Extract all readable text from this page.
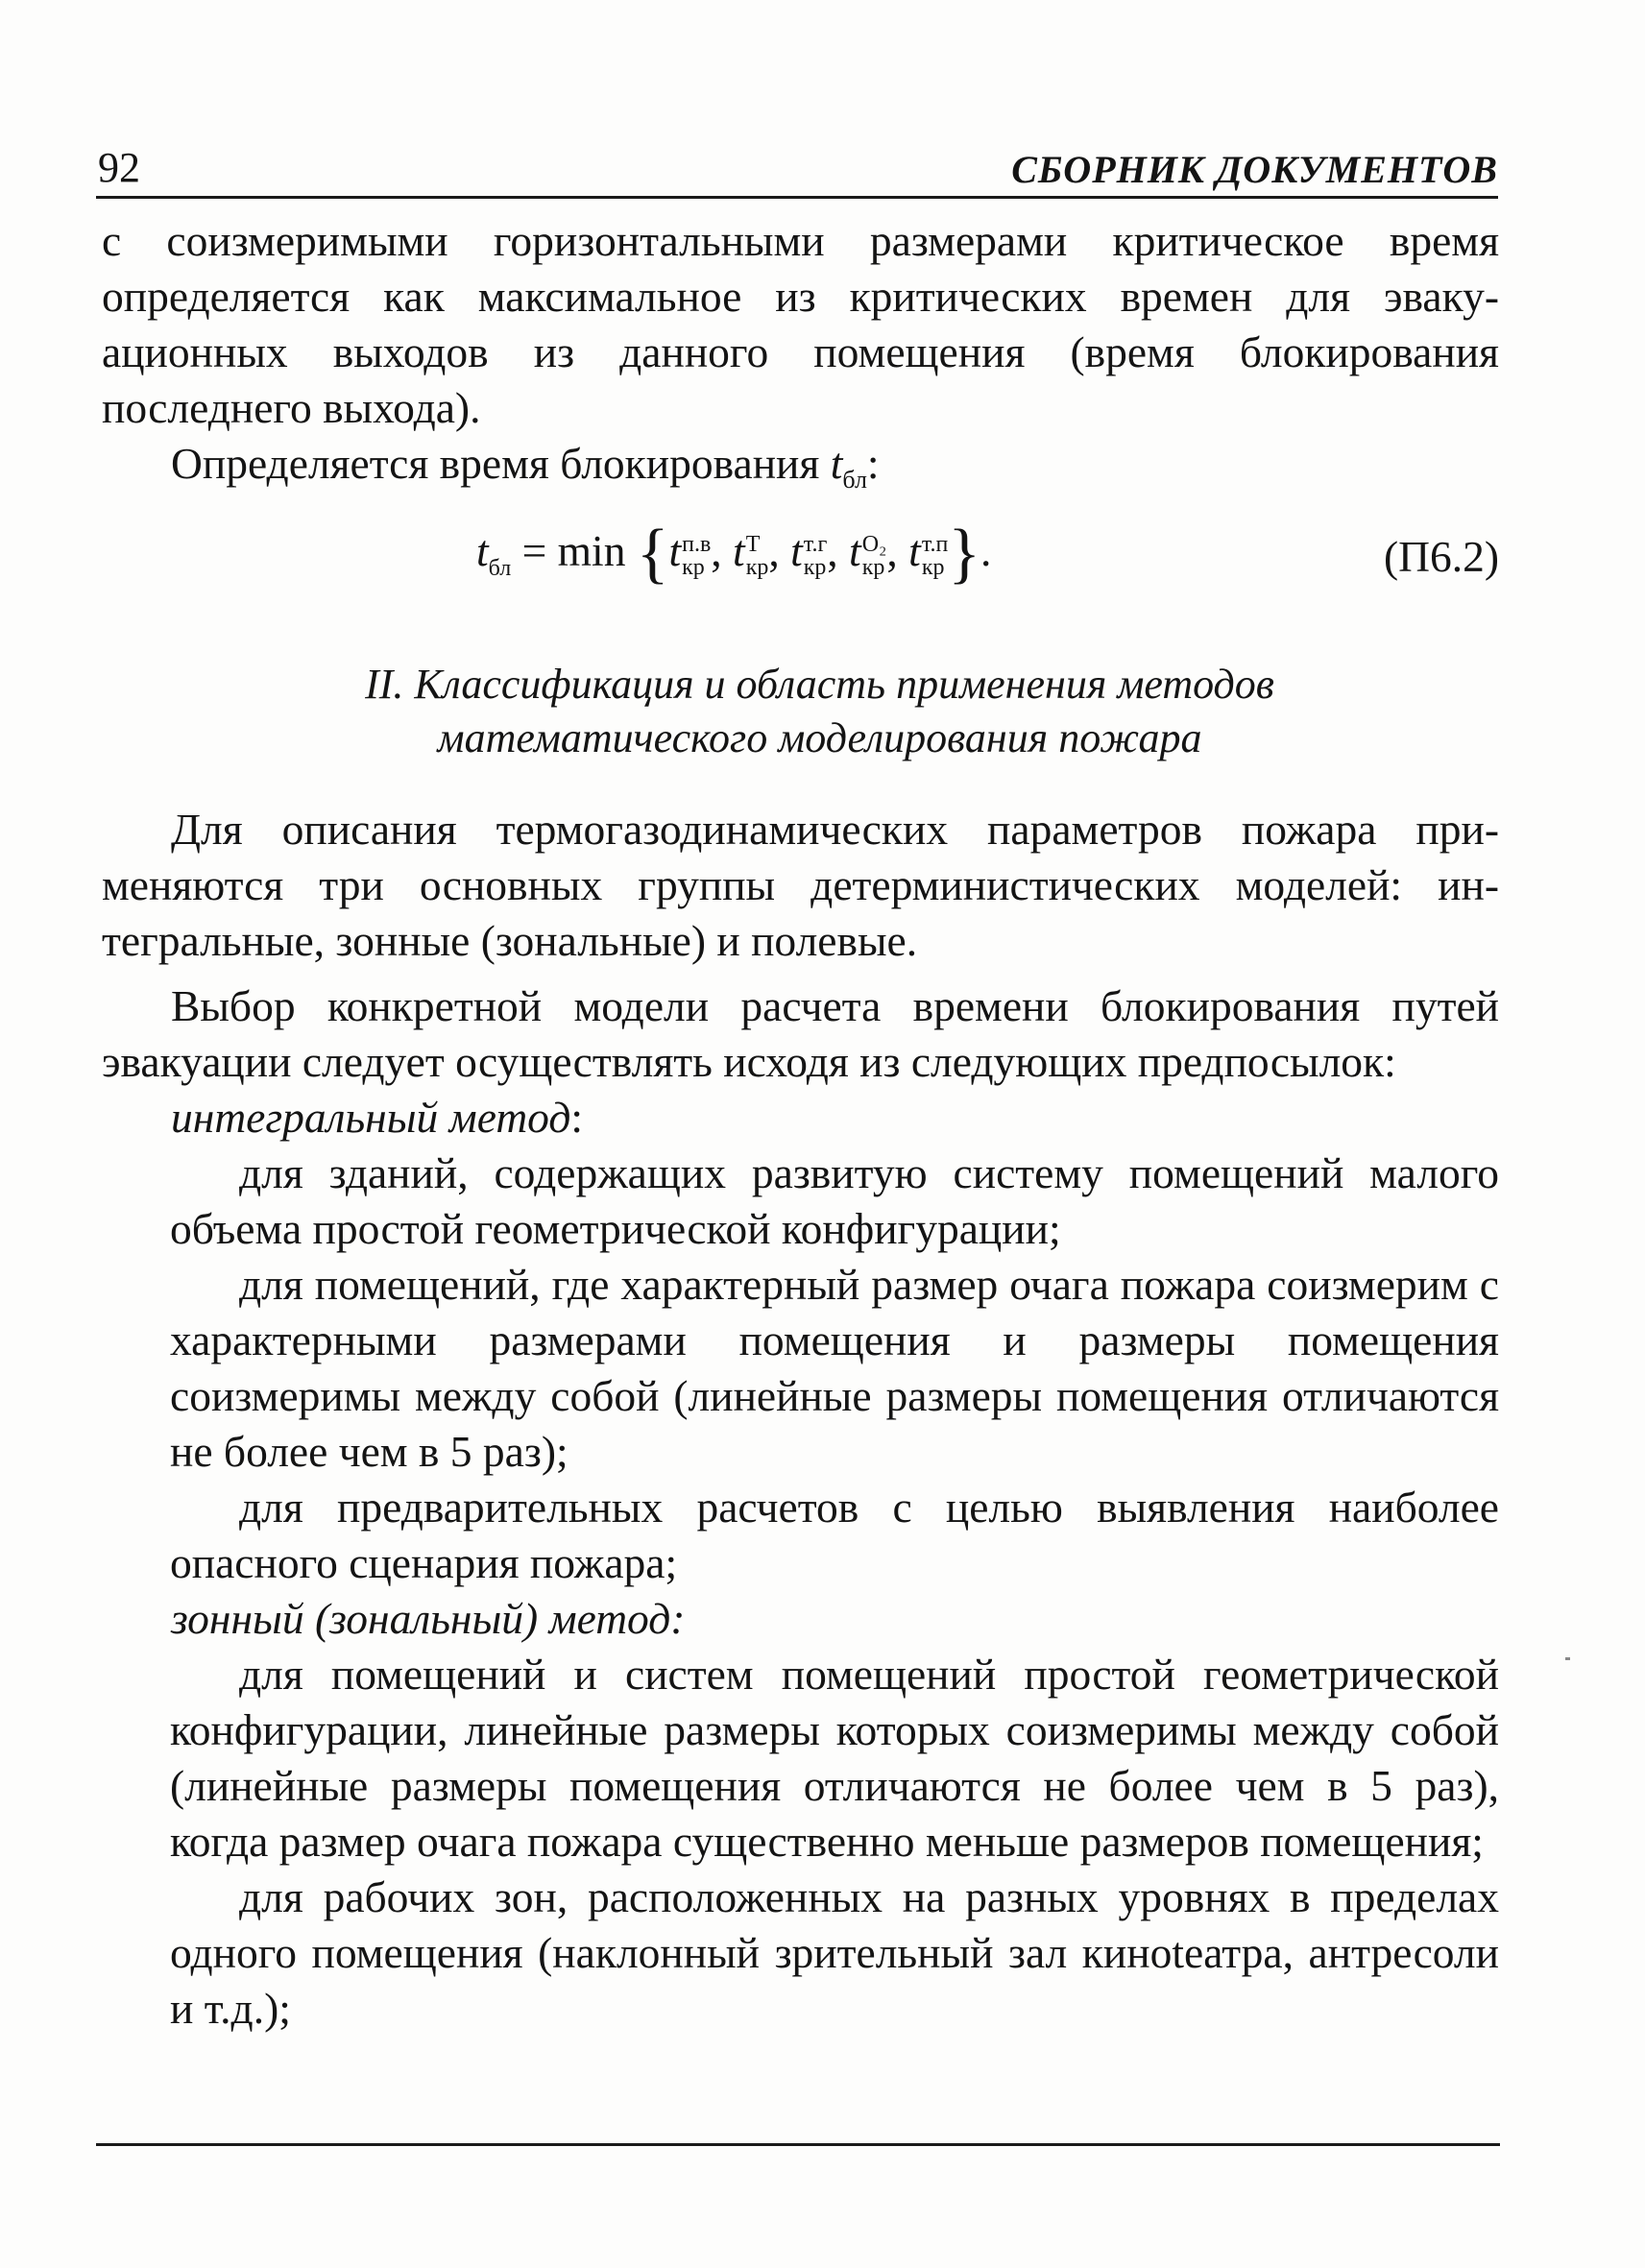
92	СБОРНИК ДОКУМЕНТОВ

с соизмеримыми горизонтальными размерами критическое время определяется как максимальное из критических времен для эвакуационных выходов из данного помещения (время блокирования последнего выхода).

Определяется время блокирования $t_{бл}$:

$t_{бл} = \min \{t$ п.в
кр , t Т
кр , t т.г
кр , t O₂
кр , t т.п
кр }.	(П6.2)

II. Классификация и область применения методов
математического моделирования пожара

Для описания термогазодинамических параметров пожара применяются три основных группы детерминистических моделей: интегральные, зонные (зональные) и полевые.

Выбор конкретной модели расчета времени блокирования путей эвакуации следует осуществлять исходя из следующих предпосылок:

интегральный метод:

для зданий, содержащих развитую систему помещений малого объема простой геометрической конфигурации;

для помещений, где характерный размер очага пожара соизмерим с характерными размерами помещения и размеры помещения соизмеримы между собой (линейные размеры помещения отличаются не более чем в 5 раз);

для предварительных расчетов с целью выявления наиболее опасного сценария пожара;

зонный (зональный) метод:

для помещений и систем помещений простой геометрической конфигурации, линейные размеры которых соизмеримы между собой (линейные размеры помещения отличаются не более чем в 5 раз), когда размер очага пожара существенно меньше размеров помещения;

для рабочих зон, расположенных на разных уровнях в пределах одного помещения (наклонный зрительный зал кинoteатра, антресоли и т.д.);
